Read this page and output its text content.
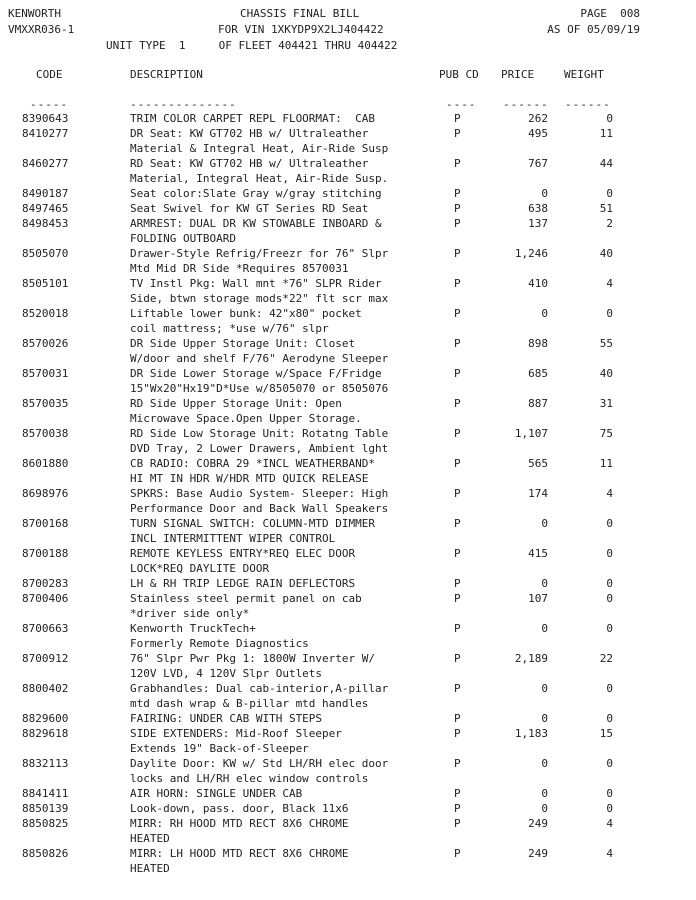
KENWORTH
VMXXR036-1
CHASSIS FINAL BILL
FOR VIN 1XKYDP9X2LJ404422
UNIT TYPE  1     OF FLEET 404421 THRU 404422
PAGE  008
AS OF 05/09/19
CODE	DESCRIPTION	PUB CD PRICE	WEIGHT
-----	--------------	---- ------ ------
8390643	TRIM COLOR CARPET REPL FLOORMAT:  CAB	P	262	0
8410277	DR Seat: KW GT702 HB w/ Ultraleather	P	495	11
Material & Integral Heat, Air-Ride Susp
8460277	RD Seat: KW GT702 HB w/ Ultraleather	P	767	44
Material, Integral Heat, Air-Ride Susp.
8490187	Seat color:Slate Gray w/gray stitching	P	0	0
8497465	Seat Swivel for KW GT Series RD Seat	P	638	51
8498453	ARMREST: DUAL DR KW STOWABLE INBOARD &	P	137	2
FOLDING OUTBOARD
8505070	Drawer-Style Refrig/Freezr for 76" Slpr	P	1,246	40
Mtd Mid DR Side *Requires 8570031
8505101	TV Instl Pkg: Wall mnt *76" SLPR Rider	P	410	4
Side, btwn storage mods*22" flt scr max
8520018	Liftable lower bunk: 42"x80" pocket	P	0	0
coil mattress; *use w/76" slpr
8570026	DR Side Upper Storage Unit: Closet	P	898	55
W/door and shelf F/76" Aerodyne Sleeper
8570031	DR Side Lower Storage w/Space F/Fridge	P	685	40
15"Wx20"Hx19"D*Use w/8505070 or 8505076
8570035	RD Side Upper Storage Unit: Open	P	887	31
Microwave Space.Open Upper Storage.
8570038	RD Side Low Storage Unit: Rotatng Table	P	1,107	75
DVD Tray, 2 Lower Drawers, Ambient lght
8601880	CB RADIO: COBRA 29 *INCL WEATHERBAND*	P	565	11
HI MT IN HDR W/HDR MTD QUICK RELEASE
8698976	SPKRS: Base Audio System- Sleeper: High	P	174	4
Performance Door and Back Wall Speakers
8700168	TURN SIGNAL SWITCH: COLUMN-MTD DIMMER	P	0	0
INCL INTERMITTENT WIPER CONTROL
8700188	REMOTE KEYLESS ENTRY*REQ ELEC DOOR	P	415	0
LOCK*REQ DAYLITE DOOR
8700283	LH & RH TRIP LEDGE RAIN DEFLECTORS	P	0	0
8700406	Stainless steel permit panel on cab	P	107	0
*driver side only*
8700663	Kenworth TruckTech+	P	0	0
Formerly Remote Diagnostics
8700912	76" Slpr Pwr Pkg 1: 1800W Inverter W/	P	2,189	22
120V LVD, 4 120V Slpr Outlets
8800402	Grabhandles: Dual cab-interior,A-pillar	P	0	0
mtd dash wrap & B-pillar mtd handles
8829600	FAIRING: UNDER CAB WITH STEPS	P	0	0
8829618	SIDE EXTENDERS: Mid-Roof Sleeper	P	1,183	15
Extends 19" Back-of-Sleeper
8832113	Daylite Door: KW w/ Std LH/RH elec door	P	0	0
locks and LH/RH elec window controls
8841411	AIR HORN: SINGLE UNDER CAB	P	0	0
8850139	Look-down, pass. door, Black 11x6	P	0	0
8850825	MIRR: RH HOOD MTD RECT 8X6 CHROME	P	249	4
HEATED
8850826	MIRR: LH HOOD MTD RECT 8X6 CHROME	P	249	4
HEATED
